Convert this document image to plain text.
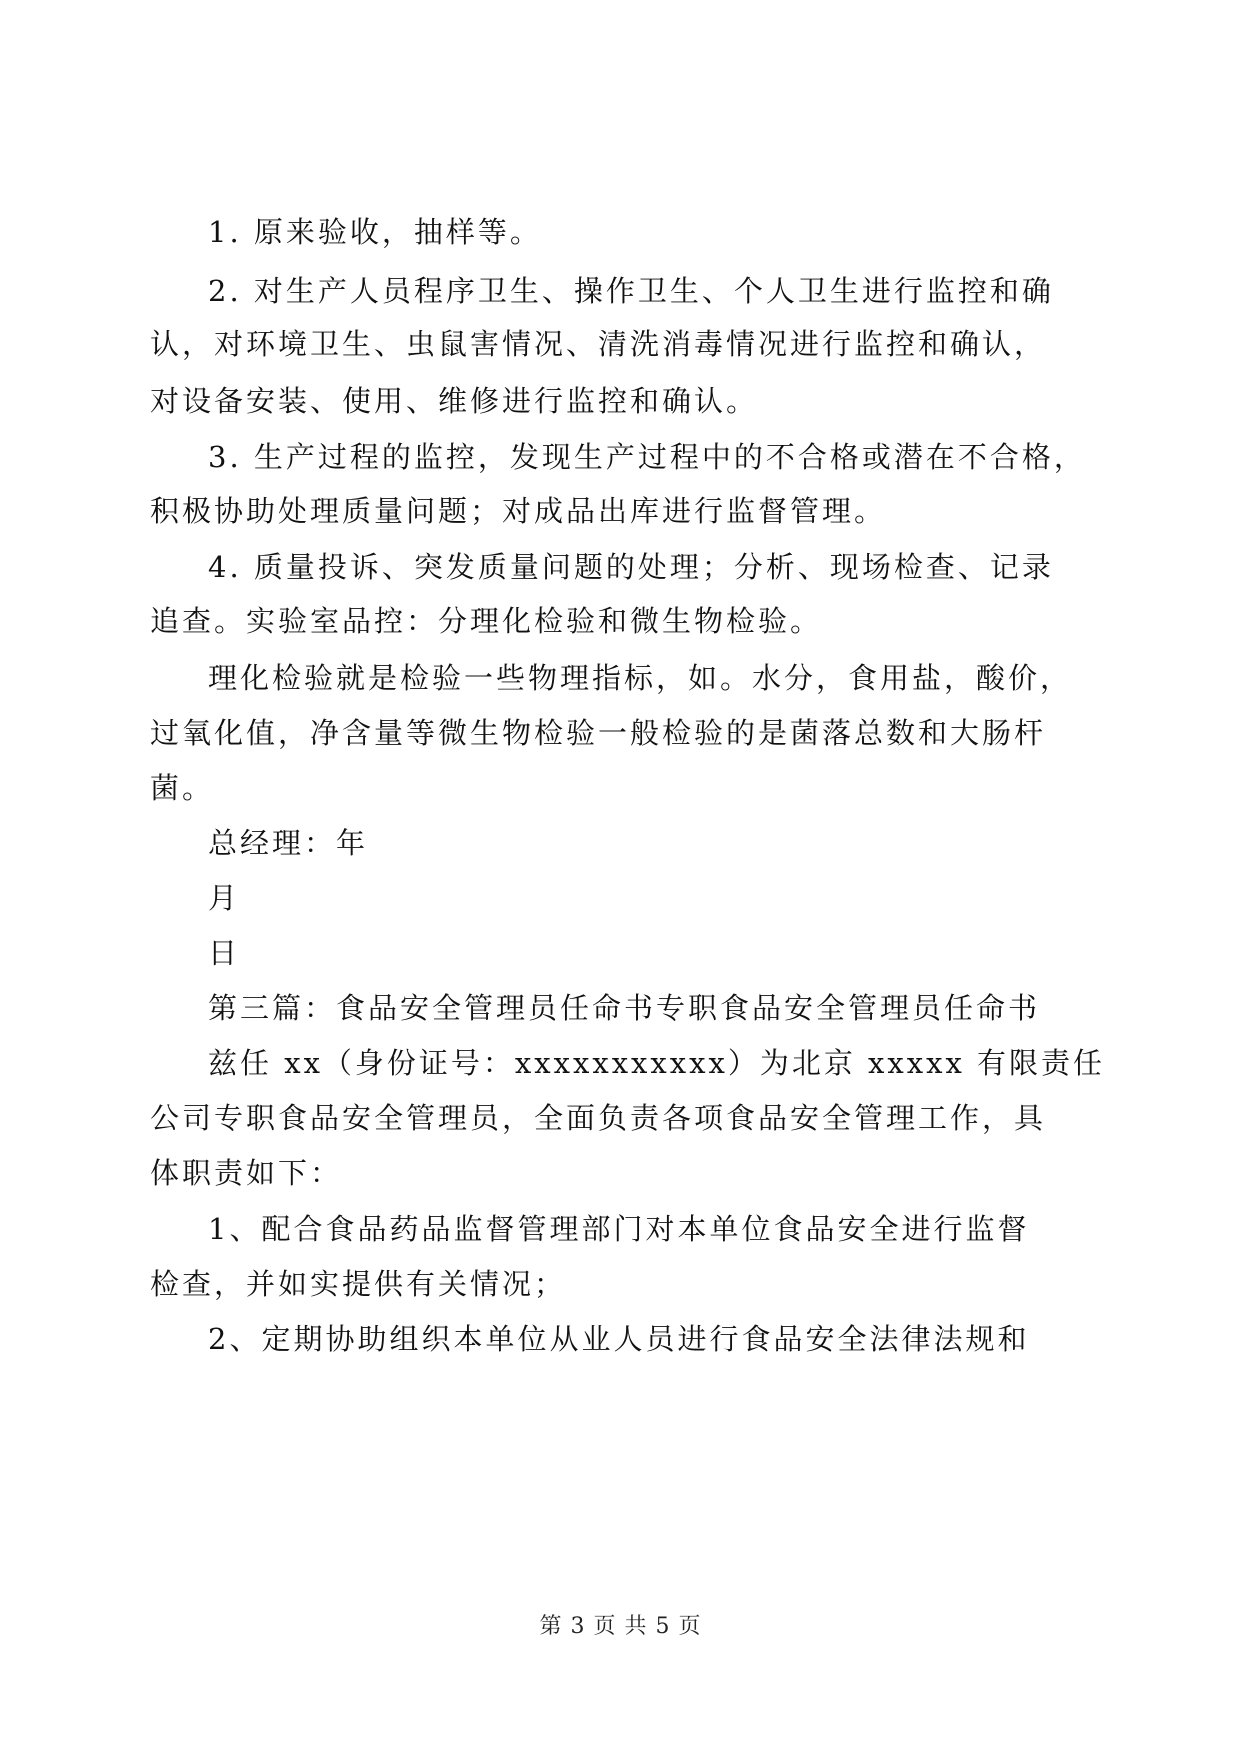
1. 原来验收，抽样等。
2. 对生产人员程序卫生、操作卫生、个人卫生进行监控和确
认，对环境卫生、虫鼠害情况、清洗消毒情况进行监控和确认，
对设备安装、使用、维修进行监控和确认。
3. 生产过程的监控，发现生产过程中的不合格或潜在不合格，
积极协助处理质量问题；对成品出库进行监督管理。
4. 质量投诉、突发质量问题的处理；分析、现场检查、记录
追查。实验室品控：分理化检验和微生物检验。
理化检验就是检验一些物理指标，如。水分，食用盐，酸价，
过氧化值，净含量等微生物检验一般检验的是菌落总数和大肠杆
菌。
总经理：年
月
日
第三篇：食品安全管理员任命书专职食品安全管理员任命书
兹任 xx（身份证号：xxxxxxxxxxx）为北京 xxxxx 有限责任
公司专职食品安全管理员，全面负责各项食品安全管理工作，具
体职责如下：
1、配合食品药品监督管理部门对本单位食品安全进行监督
检查，并如实提供有关情况；
2、定期协助组织本单位从业人员进行食品安全法律法规和
第 3 页 共 5 页
